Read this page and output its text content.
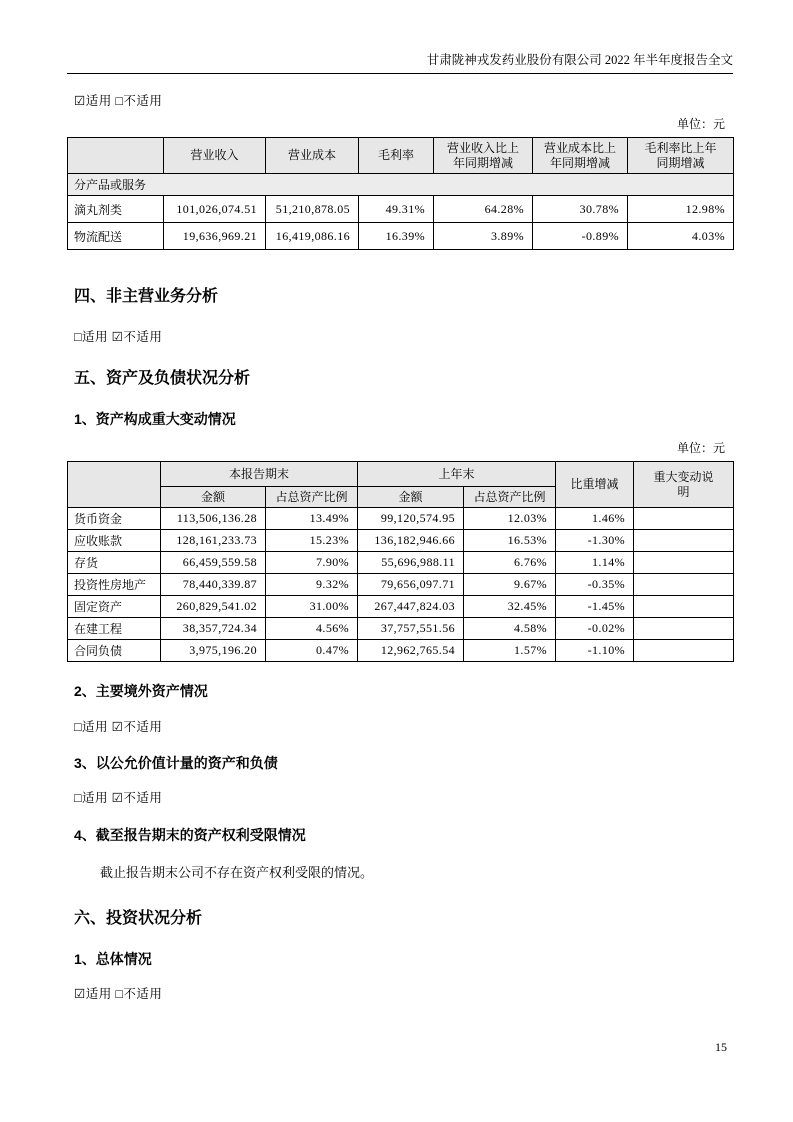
甘肃陇神戎发药业股份有限公司 2022 年半年度报告全文
☑适用 □不适用
单位：元
	营业收入	营业成本	毛利率	营业收入比上年同期增减	营业成本比上年同期增减	毛利率比上年同期增减
分产品或服务						
滴丸剂类	101,026,074.51	51,210,878.05	49.31%	64.28%	30.78%	12.98%
物流配送	19,636,969.21	16,419,086.16	16.39%	3.89%	-0.89%	4.03%
四、非主营业务分析
□适用 ☑不适用
五、资产及负债状况分析
1、资产构成重大变动情况
单位：元
	本报告期末		上年末		比重增减	重大变动说明
	金额	占总资产比例	金额	占总资产比例		
货币资金	113,506,136.28	13.49%	99,120,574.95	12.03%	1.46%	
应收账款	128,161,233.73	15.23%	136,182,946.66	16.53%	-1.30%	
存货	66,459,559.58	7.90%	55,696,988.11	6.76%	1.14%	
投资性房地产	78,440,339.87	9.32%	79,656,097.71	9.67%	-0.35%	
固定资产	260,829,541.02	31.00%	267,447,824.03	32.45%	-1.45%	
在建工程	38,357,724.34	4.56%	37,757,551.56	4.58%	-0.02%	
合同负债	3,975,196.20	0.47%	12,962,765.54	1.57%	-1.10%	
2、主要境外资产情况
□适用 ☑不适用
3、以公允价值计量的资产和负债
□适用 ☑不适用
4、截至报告期末的资产权利受限情况

截止报告期末公司不存在资产权利受限的情况。

六、投资状况分析
1、总体情况
☑适用 □不适用
15
